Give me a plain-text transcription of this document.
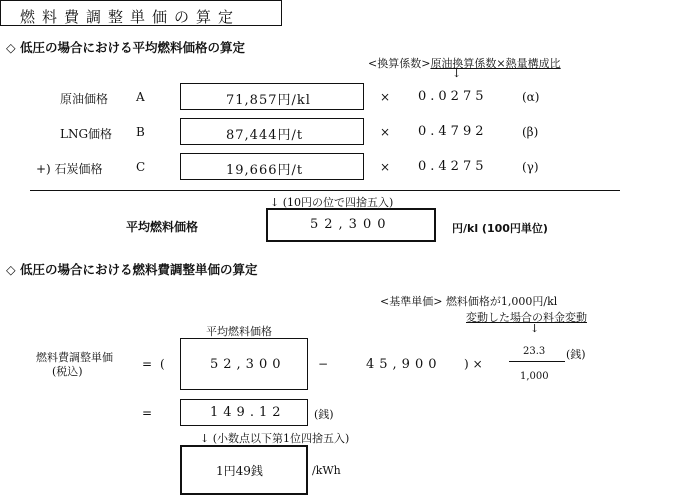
燃料費調整単価の算定
◇ 低圧の場合における平均燃料価格の算定
<換算係数>原油換算係数×熱量構成比
↓
原油価格 A	71,857円/kl	× 0.0275	(α)
LNG価格 B	87,444円/t	× 0.4792	(β)
+) 石炭価格	C	19,666円/t	× 0.4275	(γ)
↓ (10円の位で四捨五入)
平均燃料価格	52,300	円/kl (100円単位)
◇ 低圧の場合における燃料費調整単価の算定
<基準単価> 燃料価格が1,000円/kl
変動した場合の料金変動
↓
平均燃料価格
燃料費調整単価
(税込)
=(	52,300	−	45,900 )×
23.3
1,000
(銭)
=	149.12	(銭)
↓ (小数点以下第1位四捨五入)
1円49銭	/kWh
